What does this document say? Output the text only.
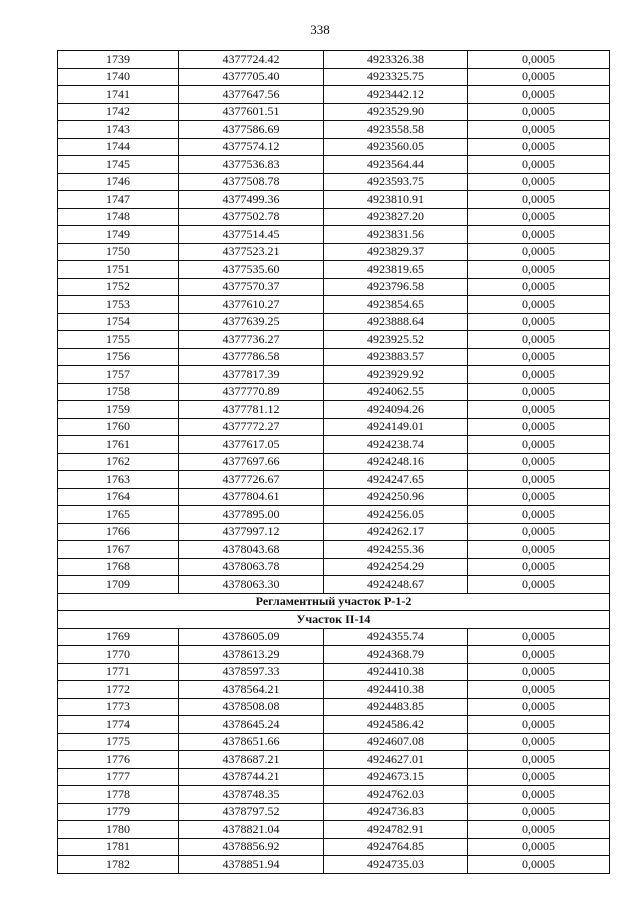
338
1739	4377724.42	4923326.38	0,0005
1740	4377705.40	4923325.75	0,0005
1741	4377647.56	4923442.12	0,0005
1742	4377601.51	4923529.90	0,0005
1743	4377586.69	4923558.58	0,0005
1744	4377574.12	4923560.05	0,0005
1745	4377536.83	4923564.44	0,0005
1746	4377508.78	4923593.75	0,0005
1747	4377499.36	4923810.91	0,0005
1748	4377502.78	4923827.20	0,0005
1749	4377514.45	4923831.56	0,0005
1750	4377523.21	4923829.37	0,0005
1751	4377535.60	4923819.65	0,0005
1752	4377570.37	4923796.58	0,0005
1753	4377610.27	4923854.65	0,0005
1754	4377639.25	4923888.64	0,0005
1755	4377736.27	4923925.52	0,0005
1756	4377786.58	4923883.57	0,0005
1757	4377817.39	4923929.92	0,0005
1758	4377770.89	4924062.55	0,0005
1759	4377781.12	4924094.26	0,0005
1760	4377772.27	4924149.01	0,0005
1761	4377617.05	4924238.74	0,0005
1762	4377697.66	4924248.16	0,0005
1763	4377726.67	4924247.65	0,0005
1764	4377804.61	4924250.96	0,0005
1765	4377895.00	4924256.05	0,0005
1766	4377997.12	4924262.17	0,0005
1767	4378043.68	4924255.36	0,0005
1768	4378063.78	4924254.29	0,0005
1709	4378063.30	4924248.67	0,0005
Регламентный участок Р-1-2			
Участок II-14			
1769	4378605.09	4924355.74	0,0005
1770	4378613.29	4924368.79	0,0005
1771	4378597.33	4924410.38	0,0005
1772	4378564.21	4924410.38	0,0005
1773	4378508.08	4924483.85	0,0005
1774	4378645.24	4924586.42	0,0005
1775	4378651.66	4924607.08	0,0005
1776	4378687.21	4924627.01	0,0005
1777	4378744.21	4924673.15	0,0005
1778	4378748.35	4924762.03	0,0005
1779	4378797.52	4924736.83	0,0005
1780	4378821.04	4924782.91	0,0005
1781	4378856.92	4924764.85	0,0005
1782	4378851.94	4924735.03	0,0005
